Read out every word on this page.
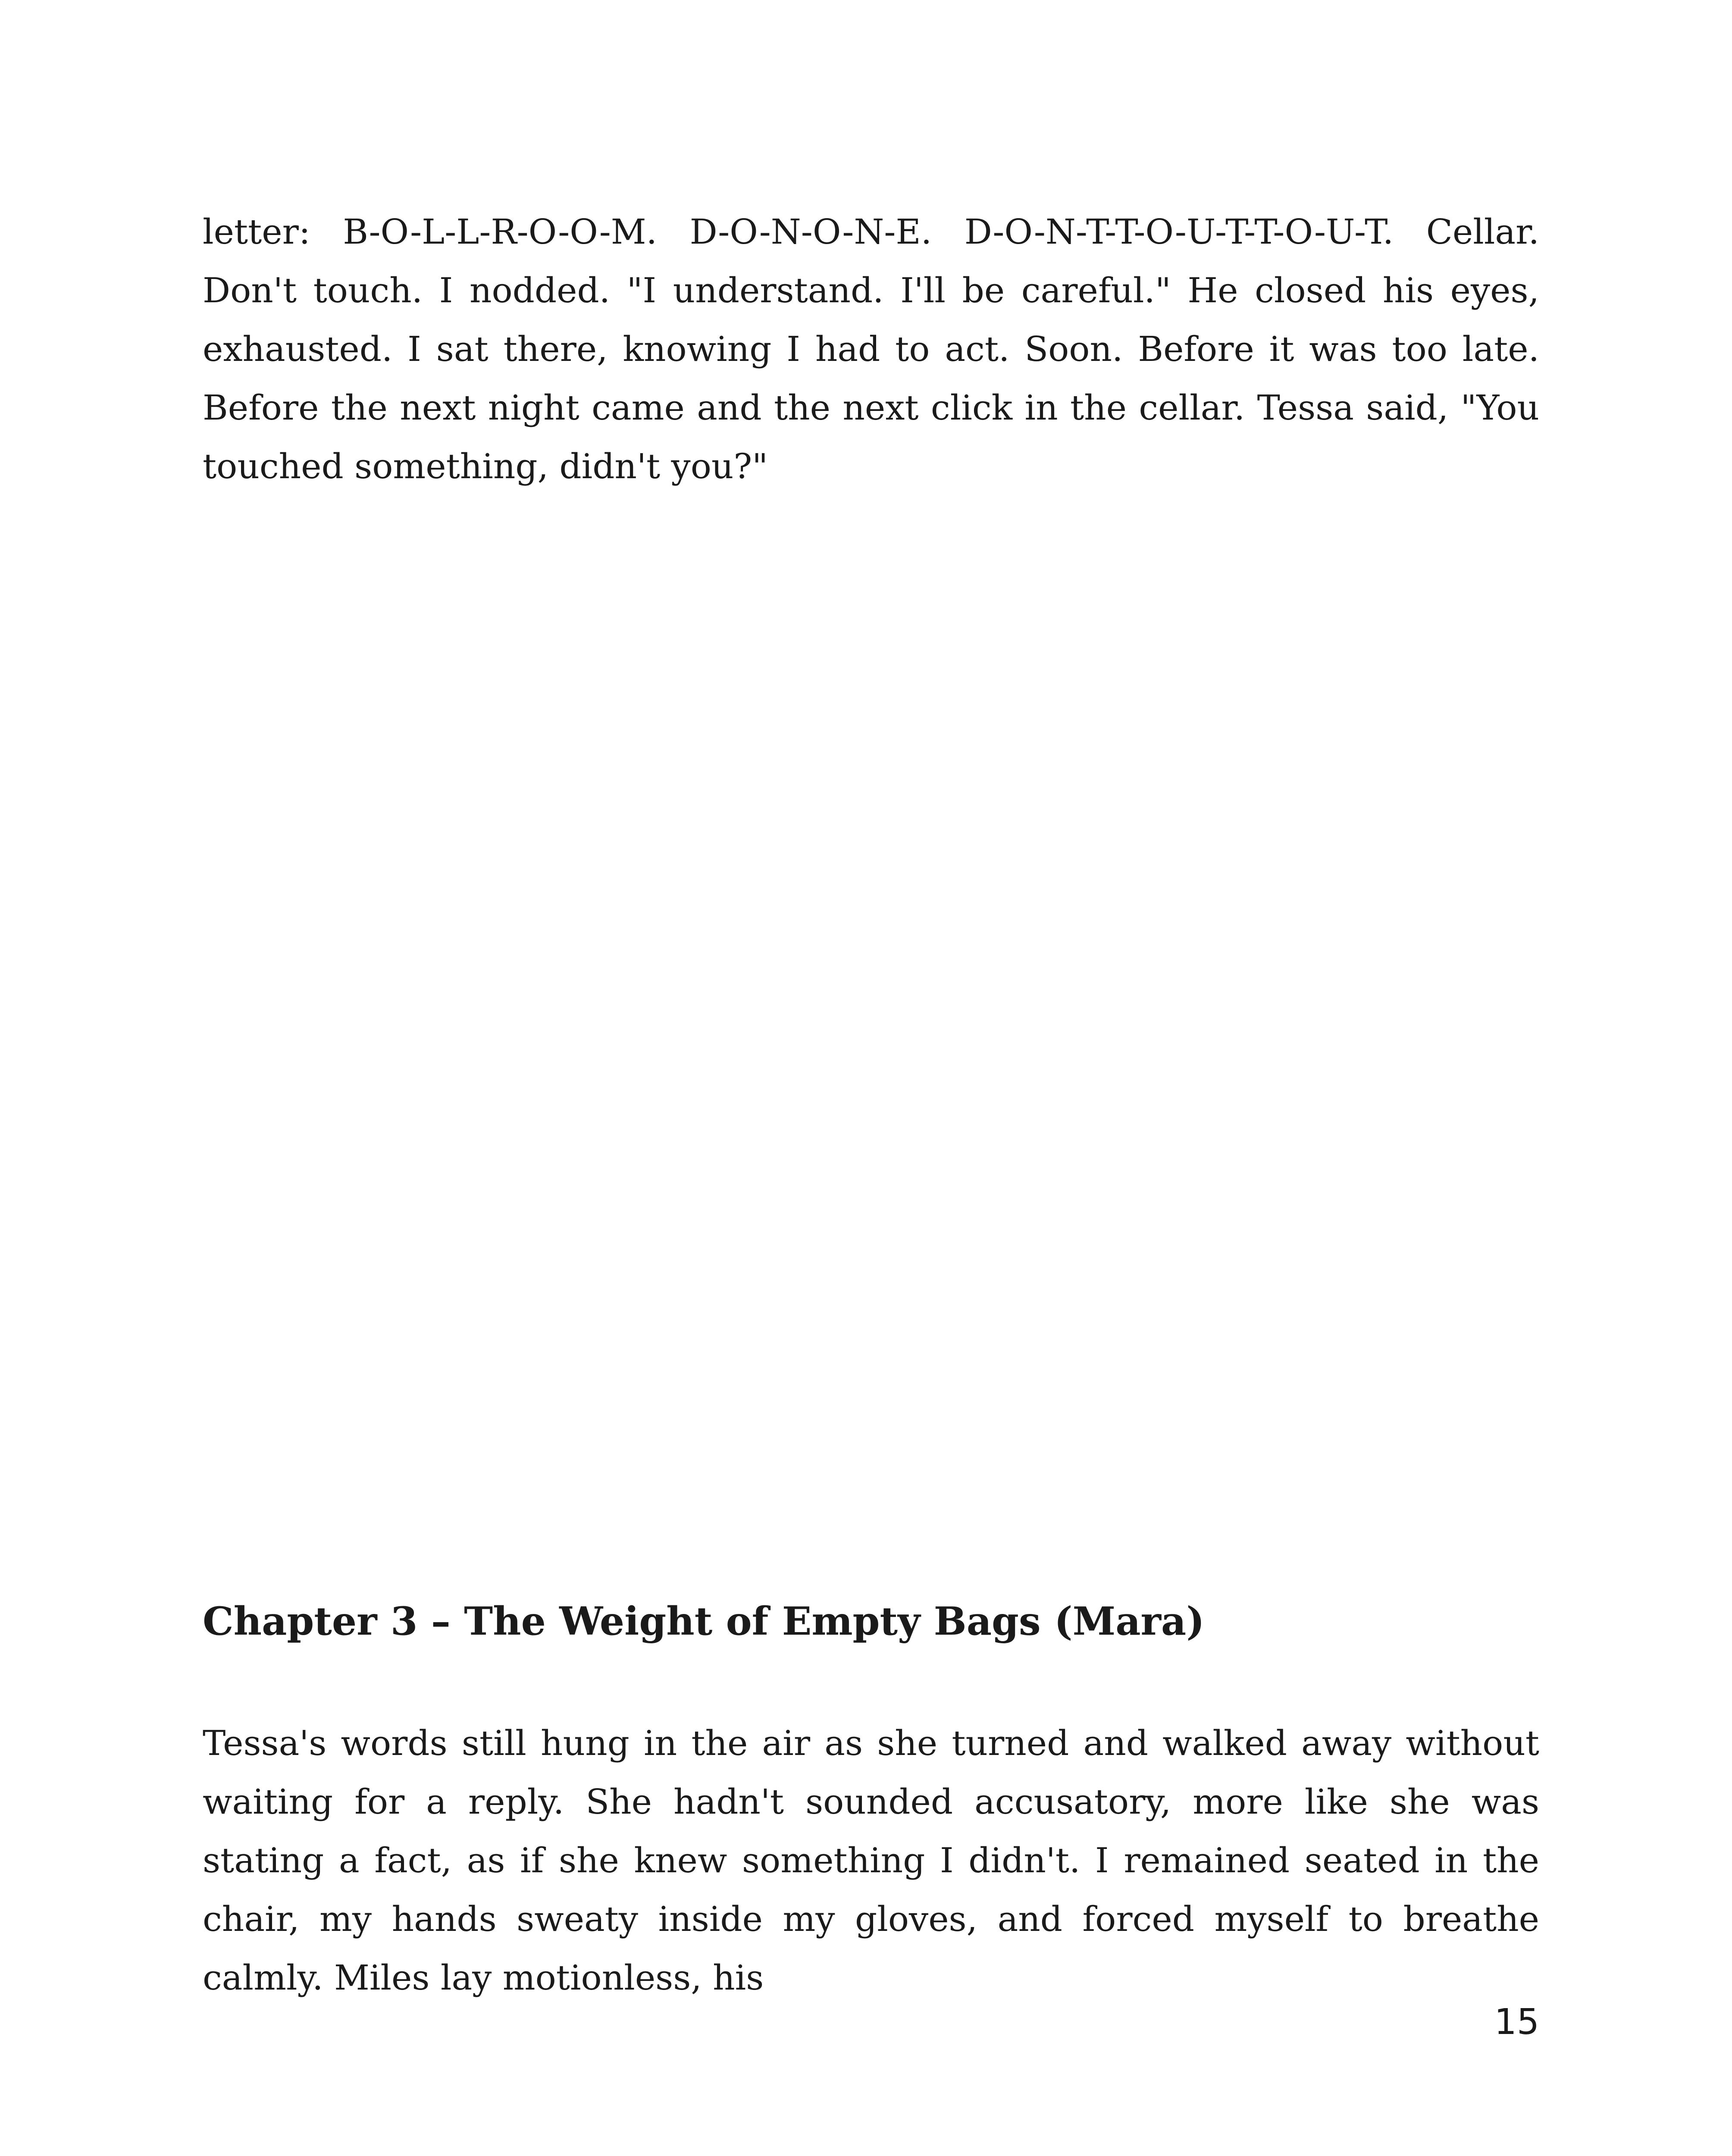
letter: B-O-L-L-R-O-O-M. D-O-N-O-N-E. D-O-N-T-T-O-U-T-T-O-U-T. Cellar. Don't touch. I nodded. "I understand. I'll be careful." He closed his eyes, exhausted. I sat there, knowing I had to act. Soon. Before it was too late. Before the next night came and the next click in the cellar. Tessa said, "You touched something, didn't you?"

Chapter 3 – The Weight of Empty Bags (Mara)

Tessa's words still hung in the air as she turned and walked away without waiting for a reply. She hadn't sounded accusatory, more like she was stating a fact, as if she knew something I didn't. I remained seated in the chair, my hands sweaty inside my gloves, and forced myself to breathe calmly. Miles lay motionless, his

15
